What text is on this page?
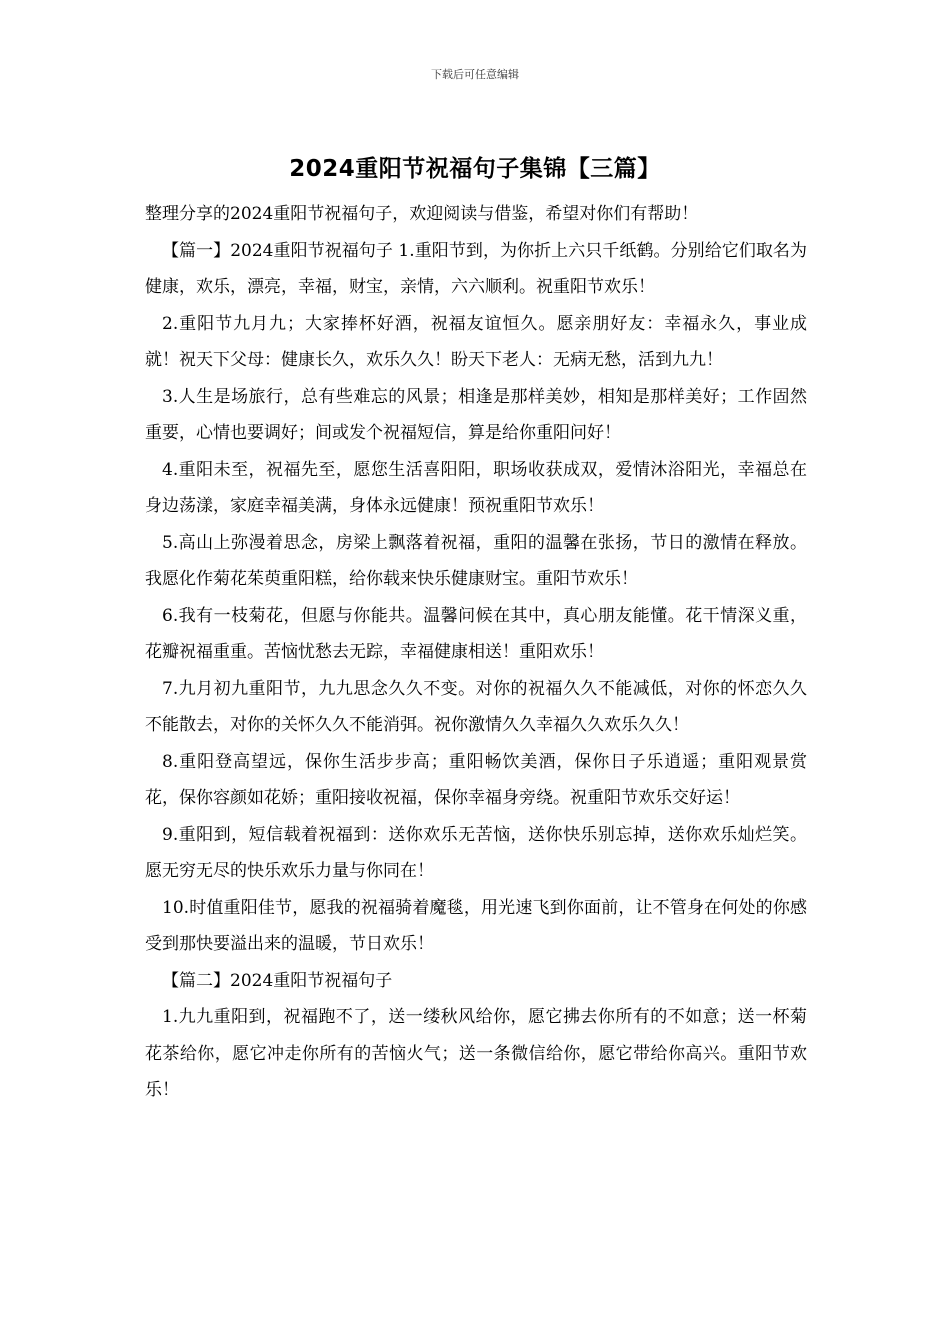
下载后可任意编辑
2024重阳节祝福句子集锦【三篇】

整理分享的2024重阳节祝福句子，欢迎阅读与借鉴，希望对你们有帮助！

【篇一】2024重阳节祝福句子 1.重阳节到，为你折上六只千纸鹤。分别给它们取名为健康，欢乐，漂亮，幸福，财宝，亲情，六六顺利。祝重阳节欢乐！

2.重阳节九月九；大家捧杯好酒，祝福友谊恒久。愿亲朋好友：幸福永久，事业成就！祝天下父母：健康长久，欢乐久久！盼天下老人：无病无愁，活到九九！

3.人生是场旅行，总有些难忘的风景；相逢是那样美妙，相知是那样美好；工作固然重要，心情也要调好；间或发个祝福短信，算是给你重阳问好！

4.重阳未至，祝福先至，愿您生活喜阳阳，职场收获成双，爱情沐浴阳光，幸福总在身边荡漾，家庭幸福美满，身体永远健康！预祝重阳节欢乐！

5.高山上弥漫着思念，房梁上飘落着祝福，重阳的温馨在张扬，节日的激情在释放。我愿化作菊花茱萸重阳糕，给你载来快乐健康财宝。重阳节欢乐！

6.我有一枝菊花，但愿与你能共。温馨问候在其中，真心朋友能懂。花干情深义重，花瓣祝福重重。苦恼忧愁去无踪，幸福健康相送！重阳欢乐！

7.九月初九重阳节，九九思念久久不变。对你的祝福久久不能减低，对你的怀恋久久不能散去，对你的关怀久久不能消弭。祝你激情久久幸福久久欢乐久久！

8.重阳登高望远，保你生活步步高；重阳畅饮美酒，保你日子乐逍遥；重阳观景赏花，保你容颜如花娇；重阳接收祝福，保你幸福身旁绕。祝重阳节欢乐交好运！

9.重阳到，短信载着祝福到：送你欢乐无苦恼，送你快乐别忘掉，送你欢乐灿烂笑。愿无穷无尽的快乐欢乐力量与你同在！

10.时值重阳佳节，愿我的祝福骑着魔毯，用光速飞到你面前，让不管身在何处的你感受到那快要溢出来的温暖，节日欢乐！

【篇二】2024重阳节祝福句子

1.九九重阳到，祝福跑不了，送一缕秋风给你，愿它拂去你所有的不如意；送一杯菊花茶给你，愿它冲走你所有的苦恼火气；送一条微信给你，愿它带给你高兴。重阳节欢乐！
